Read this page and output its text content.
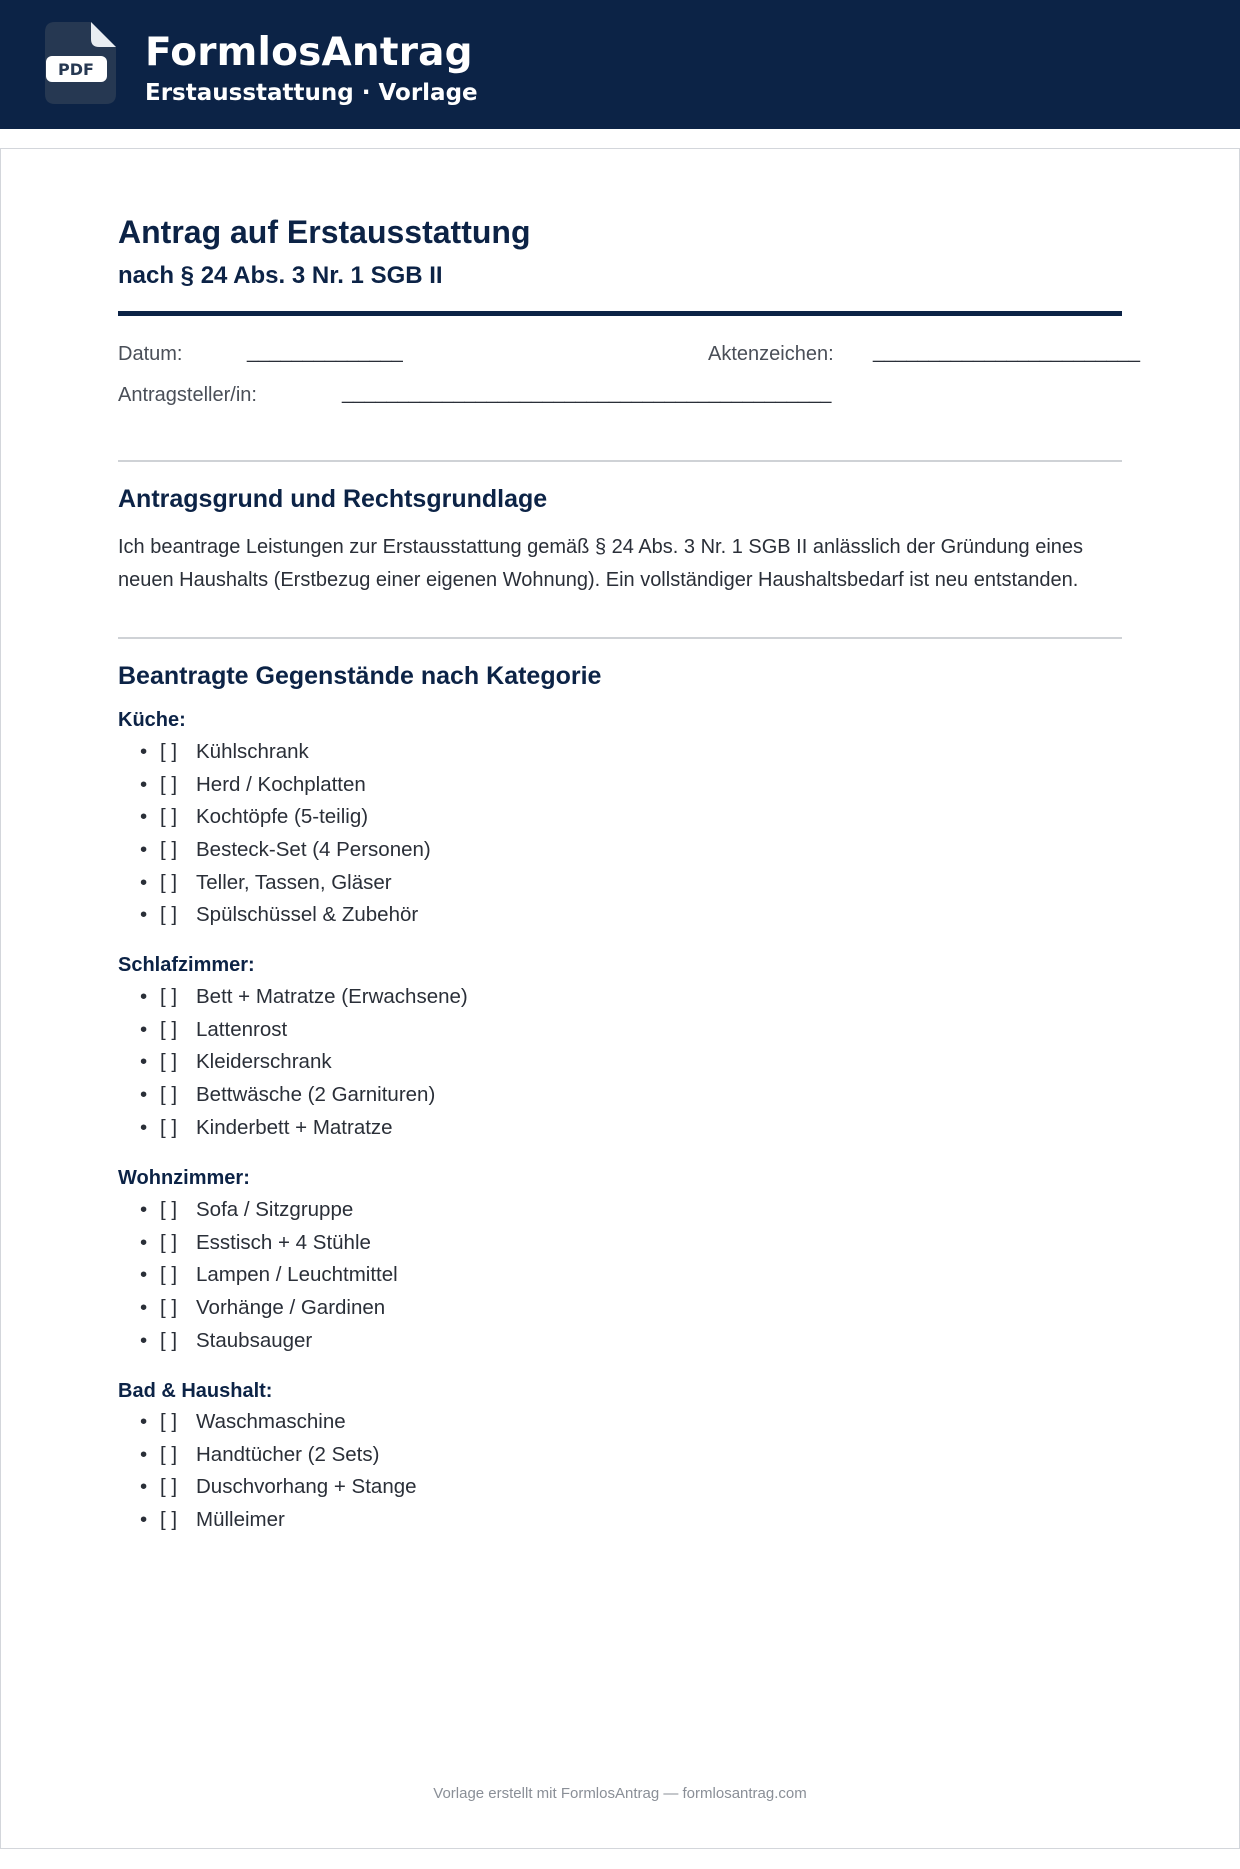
PDF FormlosAntrag
Erstausstattung · Vorlage
Antrag auf Erstausstattung
nach § 24 Abs. 3 Nr. 1 SGB II
Datum:	______________	Aktenzeichen: ________________________
Antragsteller/in:	____________________________________________
Antragsgrund und Rechtsgrundlage
Ich beantrage Leistungen zur Erstausstattung gemäß § 24 Abs. 3 Nr. 1 SGB II anlässlich der Gründung eines neuen Haushalts (Erstbezug einer eigenen Wohnung). Ein vollständiger Haushaltsbedarf ist neu entstanden.
Beantragte Gegenstände nach Kategorie
Küche:
• [ ] Kühlschrank
• [ ] Herd / Kochplatten
• [ ] Kochtöpfe (5-teilig)
• [ ] Besteck-Set (4 Personen)
• [ ] Teller, Tassen, Gläser
• [ ] Spülschüssel & Zubehör
Schlafzimmer:
• [ ] Bett + Matratze (Erwachsene)
• [ ] Lattenrost
• [ ] Kleiderschrank
• [ ] Bettwäsche (2 Garnituren)
• [ ] Kinderbett + Matratze
Wohnzimmer:
• [ ] Sofa / Sitzgruppe
• [ ] Esstisch + 4 Stühle
• [ ] Lampen / Leuchtmittel
• [ ] Vorhänge / Gardinen
• [ ] Staubsauger
Bad & Haushalt:
• [ ] Waschmaschine
• [ ] Handtücher (2 Sets)
• [ ] Duschvorhang + Stange
• [ ] Mülleimer
Vorlage erstellt mit FormlosAntrag — formlosantrag.com
